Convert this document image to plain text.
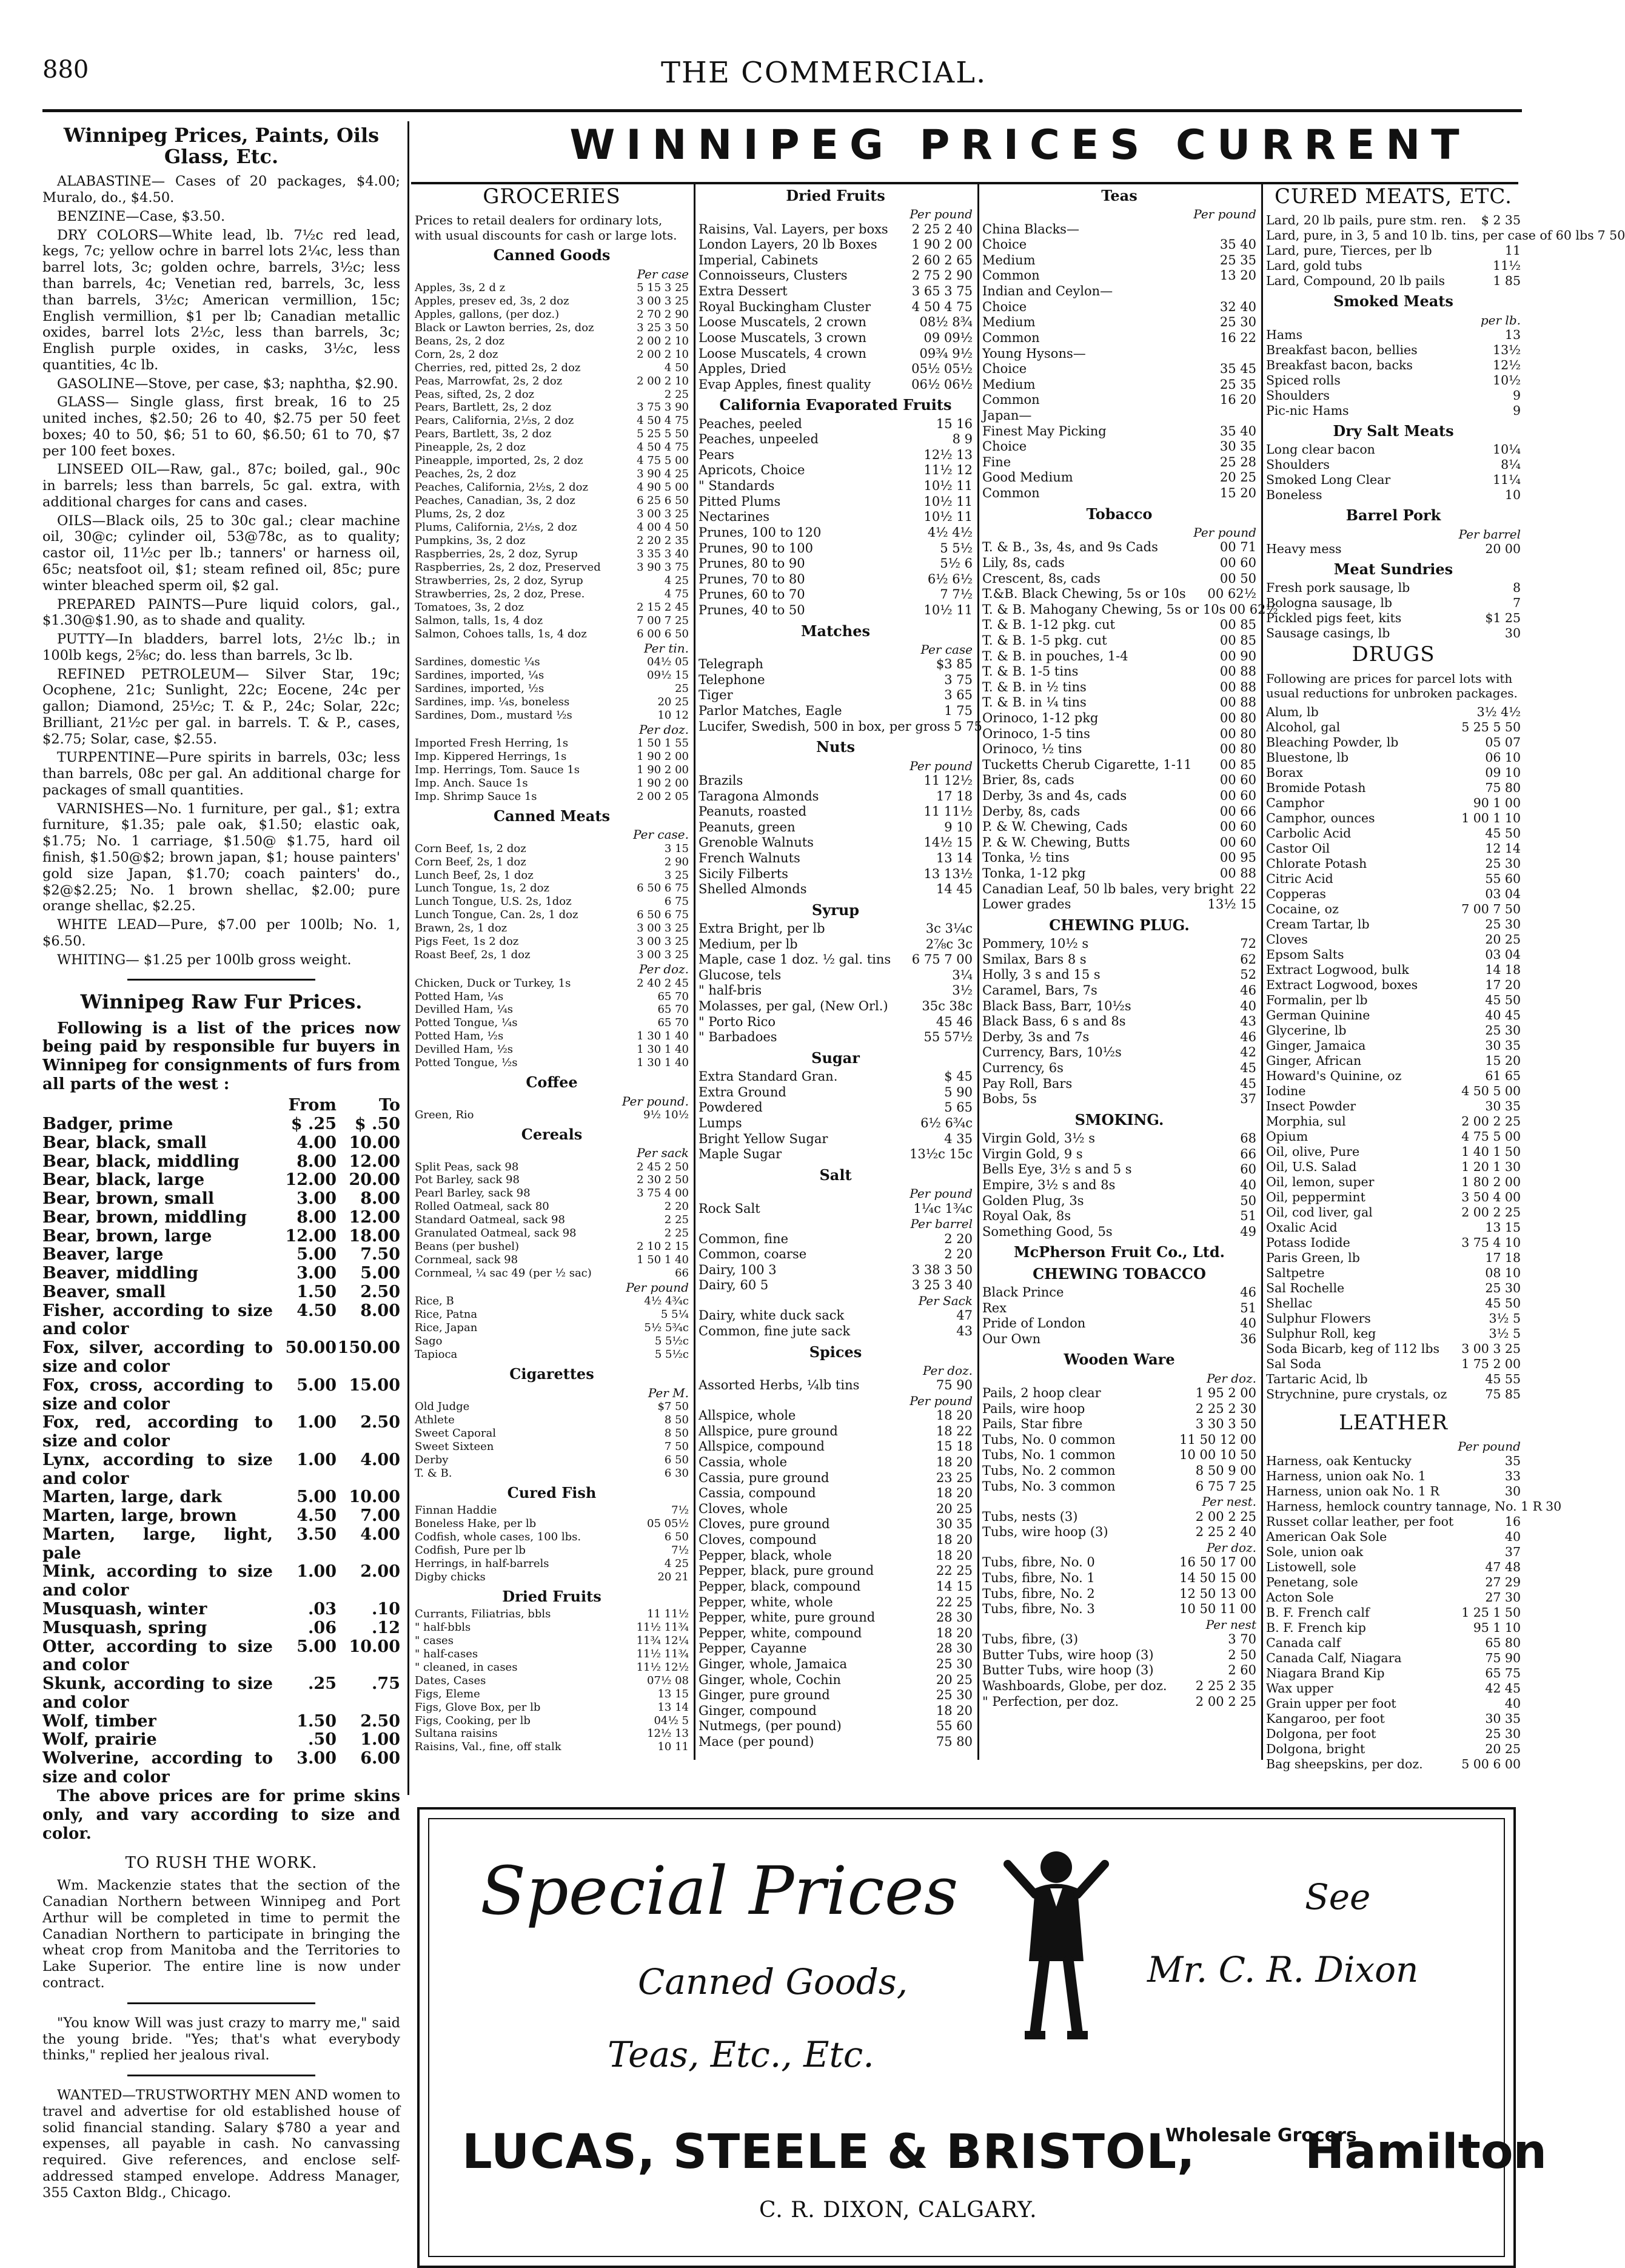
880	THE COMMERCIAL.
Winnipeg Prices, Paints, Oils Glass, Etc.

ALABASTINE— Cases of 20 packages, $4.00; Muralo, do., $4.50.

BENZINE—Case, $3.50.

DRY COLORS—White lead, lb. 7½c red lead, kegs, 7c; yellow ochre in barrel lots 2¼c, less than barrel lots, 3c; golden ochre, barrels, 3½c; less than barrels, 4c; Venetian red, barrels, 3c, less than barrels, 3½c; American vermillion, 15c; English vermillion, $1 per lb; Canadian metallic oxides, barrel lots 2½c, less than barrels, 3c; English purple oxides, in casks, 3½c, less quantities, 4c lb.

GASOLINE—Stove, per case, $3; naphtha, $2.90.

GLASS— Single glass, first break, 16 to 25 united inches, $2.50; 26 to 40, $2.75 per 50 feet boxes; 40 to 50, $6; 51 to 60, $6.50; 61 to 70, $7 per 100 feet boxes.

LINSEED OIL—Raw, gal., 87c; boiled, gal., 90c in barrels; less than barrels, 5c gal. extra, with additional charges for cans and cases.

OILS—Black oils, 25 to 30c gal.; clear machine oil, 30@c; cylinder oil, 53@78c, as to quality; castor oil, 11½c per lb.; tanners' or harness oil, 65c; neatsfoot oil, $1; steam refined oil, 85c; pure winter bleached sperm oil, $2 gal.

PREPARED PAINTS—Pure liquid colors, gal., $1.30@$1.90, as to shade and quality.

PUTTY—In bladders, barrel lots, 2½c lb.; in 100lb kegs, 2⅝c; do. less than barrels, 3c lb.

REFINED PETROLEUM— Silver Star, 19c; Ocophene, 21c; Sunlight, 22c; Eocene, 24c per gallon; Diamond, 25½c; T. & P., 24c; Solar, 22c; Brilliant, 21½c per gal. in barrels. T. & P., cases, $2.75; Solar, case, $2.55.

TURPENTINE—Pure spirits in barrels, 03c; less than barrels, 08c per gal. An additional charge for packages of small quantities.

VARNISHES—No. 1 furniture, per gal., $1; extra furniture, $1.35; pale oak, $1.50; elastic oak, $1.75; No. 1 carriage, $1.50@ $1.75, hard oil finish, $1.50@$2; brown japan, $1; house painters' gold size Japan, $1.70; coach painters' do., $2@$2.25; No. 1 brown shellac, $2.00; pure orange shellac, $2.25.

WHITE LEAD—Pure, $7.00 per 100lb; No. 1, $6.50.

WHITING— $1.25 per 100lb gross weight.

Winnipeg Raw Fur Prices.

Following is a list of the prices now being paid by responsible fur buyers in Winnipeg for consignments of furs from all parts of the west :

	From	To
Badger, prime	$ .25	$ .50
Bear, black, small	4.00	10.00
Bear, black, middling	8.00	12.00
Bear, black, large	12.00	20.00
Bear, brown, small	3.00	8.00
Bear, brown, middling	8.00	12.00
Bear, brown, large	12.00	18.00
Beaver, large	5.00	7.50
Beaver, middling	3.00	5.00
Beaver, small	1.50	2.50
Fisher, according to size and color	4.50	8.00
Fox, silver, according to size and color	50.00	150.00
Fox, cross, according to size and color	5.00	15.00
Fox, red, according to size and color	1.00	2.50
Lynx, according to size and color	1.00	4.00
Marten, large, dark	5.00	10.00
Marten, large, brown	4.50	7.00
Marten, large, light, pale	3.50	4.00
Mink, according to size and color	1.00	2.00
Musquash, winter	.03	.10
Musquash, spring	.06	.12
Otter, according to size and color	5.00	10.00
Skunk, according to size and color	.25	.75
Wolf, timber	1.50	2.50
Wolf, prairie	.50	1.00
Wolverine, according to size and color	3.00	6.00

The above prices are for prime skins only, and vary according to size and color.

TO RUSH THE WORK.

Wm. Mackenzie states that the section of the Canadian Northern between Winnipeg and Port Arthur will be completed in time to permit the Canadian Northern to participate in bringing the wheat crop from Manitoba and the Territories to Lake Superior. The entire line is now under contract.

"You know Will was just crazy to marry me," said the young bride. "Yes; that's what everybody thinks," replied her jealous rival.

WANTED—TRUSTWORTHY MEN AND women to travel and advertise for old established house of solid financial standing. Salary $780 a year and expenses, all payable in cash. No canvassing required. Give references, and enclose self-addressed stamped envelope. Address Manager, 355 Caxton Bldg., Chicago.

WINNIPEG PRICES CURRENT
GROCERIES
Prices to retail dealers for ordinary lots, with usual discounts for cash or large lots.
Canned Goods
Per case
Apples, 3s, 2 d z	5 15 3 25
Apples, presev ed, 3s, 2 doz	3 00 3 25
Apples, gallons, (per doz.)	2 70 2 90
Black or Lawton berries, 2s, doz	3 25 3 50
Beans, 2s, 2 doz	2 00 2 10
Corn, 2s, 2 doz	2 00 2 10
Cherries, red, pitted 2s, 2 doz	4 50
Peas, Marrowfat, 2s, 2 doz	2 00 2 10
Peas, sifted, 2s, 2 doz	2 25
Pears, Bartlett, 2s, 2 doz	3 75 3 90
Pears, California, 2½s, 2 doz	4 50 4 75
Pears, Bartlett, 3s, 2 doz	5 25 5 50
Pineapple, 2s, 2 doz	4 50 4 75
Pineapple, imported, 2s, 2 doz	4 75 5 00
Peaches, 2s, 2 doz	3 90 4 25
Peaches, California, 2½s, 2 doz	4 90 5 00
Peaches, Canadian, 3s, 2 doz	6 25 6 50
Plums, 2s, 2 doz	3 00 3 25
Plums, California, 2½s, 2 doz	4 00 4 50
Pumpkins, 3s, 2 doz	2 20 2 35
Raspberries, 2s, 2 doz, Syrup	3 35 3 40
Raspberries, 2s, 2 doz, Preserved	3 90 3 75
Strawberries, 2s, 2 doz, Syrup	4 25
Strawberries, 2s, 2 doz, Prese.	4 75
Tomatoes, 3s, 2 doz	2 15 2 45
Salmon, talls, 1s, 4 doz	7 00 7 25
Salmon, Cohoes talls, 1s, 4 doz	6 00 6 50
Per tin.
Sardines, domestic ¼s	04½ 05
Sardines, imported, ¼s	09½ 15
Sardines, imported, ½s	25
Sardines, imp. ¼s, boneless	20 25
Sardines, Dom., mustard ½s	10 12
Per doz.
Imported Fresh Herring, 1s	1 50 1 55
Imp. Kippered Herrings, 1s	1 90 2 00
Imp. Herrings, Tom. Sauce 1s	1 90 2 00
Imp. Anch. Sauce 1s	1 90 2 00
Imp. Shrimp Sauce 1s	2 00 2 05
Canned Meats
Per case.
Corn Beef, 1s, 2 doz	3 15
Corn Beef, 2s, 1 doz	2 90
Lunch Beef, 2s, 1 doz	3 25
Lunch Tongue, 1s, 2 doz	6 50 6 75
Lunch Tongue, U.S. 2s, 1doz	6 75
Lunch Tongue, Can. 2s, 1 doz	6 50 6 75
Brawn, 2s, 1 doz	3 00 3 25
Pigs Feet, 1s 2 doz	3 00 3 25
Roast Beef, 2s, 1 doz	3 00 3 25
Per doz.
Chicken, Duck or Turkey, 1s	2 40 2 45
Potted Ham, ¼s	65 70
Devilled Ham, ¼s	65 70
Potted Tongue, ¼s	65 70
Potted Ham, ½s	1 30 1 40
Devilled Ham, ½s	1 30 1 40
Potted Tongue, ½s	1 30 1 40
Coffee
Per pound.
Green, Rio	9½ 10½
Cereals
Per sack
Split Peas, sack 98	2 45 2 50
Pot Barley, sack 98	2 30 2 50
Pearl Barley, sack 98	3 75 4 00
Rolled Oatmeal, sack 80	2 20
Standard Oatmeal, sack 98	2 25
Granulated Oatmeal, sack 98	2 25
Beans (per bushel)	2 10 2 15
Cornmeal, sack 98	1 50 1 40
Cornmeal, ¼ sac 49 (per ½ sac)	66
Per pound
Rice, B	4½ 4¾c
Rice, Patna	5 5¼
Rice, Japan	5½ 5¾c
Sago	5 5½c
Tapioca	5 5½c
Cigarettes
Per M.
Old Judge	$7 50
Athlete	8 50
Sweet Caporal	8 50
Sweet Sixteen	7 50
Derby	6 50
T. & B.	6 30
Cured Fish
Finnan Haddie	7½
Boneless Hake, per lb	05 05½
Codfish, whole cases, 100 lbs.	6 50
Codfish, Pure per lb	7½
Herrings, in half-barrels	4 25
Digby chicks	20 21
Dried Fruits
Currants, Filiatrias, bbls	11 11½
" half-bbls	11½ 11¾
" cases	11¾ 12¼
" half-cases	11½ 11¾
" cleaned, in cases	11½ 12½
Dates, Cases	07½ 08
Figs, Eleme	13 15
Figs, Glove Box, per lb	13 14
Figs, Cooking, per lb	04½ 5
Sultana raisins	12½ 13
Raisins, Val., fine, off stalk	10 11
Dried Fruits
Per pound
Raisins, Val. Layers, per boxs 2 25 2 40
London Layers, 20 lb Boxes	1 90 2 00
Imperial, Cabinets	2 60 2 65
Connoisseurs, Clusters	2 75 2 90
Extra Dessert	3 65 3 75
Royal Buckingham Cluster	4 50 4 75
Loose Muscatels, 2 crown	08½ 8¾
Loose Muscatels, 3 crown	09 09½
Loose Muscatels, 4 crown	09¾ 9½
Apples, Dried	05½ 05½
Evap Apples, finest quality	06½ 06½
California Evaporated Fruits
Peaches, peeled	15 16
Peaches, unpeeled	8 9
Pears	12½ 13
Apricots, Choice	11½ 12
" Standards	10½ 11
Pitted Plums	10½ 11
Nectarines	10½ 11
Prunes, 100 to 120	4½ 4½
Prunes, 90 to 100	5 5½
Prunes, 80 to 90	5½ 6
Prunes, 70 to 80	6½ 6½
Prunes, 60 to 70	7 7½
Prunes, 40 to 50	10½ 11
Matches
Per case
Telegraph	$3 85
Telephone	3 75
Tiger	3 65
Parlor Matches, Eagle	1 75
Lucifer, Swedish, 500 in box, per gross 5 75
Nuts
Per pound
Brazils	11 12½
Taragona Almonds	17 18
Peanuts, roasted	11 11½
Peanuts, green	9 10
Grenoble Walnuts	14½ 15
French Walnuts	13 14
Sicily Filberts	13 13½
Shelled Almonds	14 45
Syrup
Extra Bright, per lb	3c 3¼c
Medium, per lb	2⅞c 3c
Maple, case 1 doz. ½ gal. tins 6 75 7 00
Glucose, tels	3¼
" half-bris	3½
Molasses, per gal, (New Orl.)	35c 38c
" Porto Rico	45 46
" Barbadoes	55 57½
Sugar
Extra Standard Gran.	$ 45
Extra Ground	5 90
Powdered	5 65
Lumps	6½ 6¾c
Bright Yellow Sugar	4 35
Maple Sugar	13½c 15c
Salt
Per pound
Rock Salt	1¼c 1¾c
Per barrel
Common, fine	2 20
Common, coarse	2 20
Dairy, 100 3	3 38 3 50
Dairy, 60 5	3 25 3 40
Per Sack
Dairy, white duck sack	47
Common, fine jute sack	43
Spices
Per doz.
Assorted Herbs, ¼lb tins	75 90
Per pound
Allspice, whole	18 20
Allspice, pure ground	18 22
Allspice, compound	15 18
Cassia, whole	18 20
Cassia, pure ground	23 25
Cassia, compound	18 20
Cloves, whole	20 25
Cloves, pure ground	30 35
Cloves, compound	18 20
Pepper, black, whole	18 20
Pepper, black, pure ground	22 25
Pepper, black, compound	14 15
Pepper, white, whole	22 25
Pepper, white, pure ground	28 30
Pepper, white, compound	18 20
Pepper, Cayanne	28 30
Ginger, whole, Jamaica	25 30
Ginger, whole, Cochin	20 25
Ginger, pure ground	25 30
Ginger, compound	18 20
Nutmegs, (per pound)	55 60
Mace (per pound)	75 80
Teas
Per pound
China Blacks—
Choice	35 40
Medium	25 35
Common	13 20
Indian and Ceylon—
Choice	32 40
Medium	25 30
Common	16 22
Young Hysons—
Choice	35 45
Medium	25 35
Common	16 20
Japan—
Finest May Picking	35 40
Choice	30 35
Fine	25 28
Good Medium	20 25
Common	15 20
Tobacco
Per pound
T. & B., 3s, 4s, and 9s Cads	00 71
Lily, 8s, cads	00 60
Crescent, 8s, cads	00 50
T.&B. Black Chewing, 5s or 10s 00 62½
T. & B. Mahogany Chewing, 5s or 10s 00 62½
T. & B. 1-12 pkg. cut	00 85
T. & B. 1-5 pkg. cut	00 85
T. & B. in pouches, 1-4	00 90
T. & B. 1-5 tins	00 88
T. & B. in ½ tins	00 88
T. & B. in ¼ tins	00 88
Orinoco, 1-12 pkg	00 80
Orinoco, 1-5 tins	00 80
Orinoco, ½ tins	00 80
Tucketts Cherub Cigarette, 1-11 00 85
Brier, 8s, cads	00 60
Derby, 3s and 4s, cads	00 60
Derby, 8s, cads	00 66
P. & W. Chewing, Cads	00 60
P. & W. Chewing, Butts	00 60
Tonka, ½ tins	00 95
Tonka, 1-12 pkg	00 88
Canadian Leaf, 50 lb bales, very bright 22
Lower grades	13½ 15
CHEWING PLUG.
Pommery, 10½ s	72
Smilax, Bars 8 s	62
Holly, 3 s and 15 s	52
Caramel, Bars, 7s	46
Black Bass, Barr, 10½s	40
Black Bass, 6 s and 8s	43
Derby, 3s and 7s	46
Currency, Bars, 10½s	42
Currency, 6s	45
Pay Roll, Bars	45
Bobs, 5s	37
SMOKING.
Virgin Gold, 3½ s	68
Virgin Gold, 9 s	66
Bells Eye, 3½ s and 5 s	60
Empire, 3½ s and 8s	40
Golden Plug, 3s	50
Royal Oak, 8s	51
Something Good, 5s	49
McPherson Fruit Co., Ltd.
CHEWING TOBACCO
Black Prince	46
Rex	51
Pride of London	40
Our Own	36
Wooden Ware
Per doz.
Pails, 2 hoop clear	1 95 2 00
Pails, wire hoop	2 25 2 30
Pails, Star fibre	3 30 3 50
Tubs, No. 0 common	11 50 12 00
Tubs, No. 1 common	10 00 10 50
Tubs, No. 2 common	8 50 9 00
Tubs, No. 3 common	6 75 7 25
Per nest.
Tubs, nests (3)	2 00 2 25
Tubs, wire hoop (3)	2 25 2 40
Per doz.
Tubs, fibre, No. 0	16 50 17 00
Tubs, fibre, No. 1	14 50 15 00
Tubs, fibre, No. 2	12 50 13 00
Tubs, fibre, No. 3	10 50 11 00
Per nest
Tubs, fibre, (3)	3 70
Butter Tubs, wire hoop (3)	2 50
Butter Tubs, wire hoop (3)	2 60
Washboards, Globe, per doz. 2 25 2 35
" Perfection, per doz.	2 00 2 25
CURED MEATS, ETC.
Lard, 20 lb pails, pure stm. ren. $ 2 35
Lard, pure, in 3, 5 and 10 lb. tins, per case of 60 lbs 7 50
Lard, pure, Tierces, per lb	11
Lard, gold tubs	11½
Lard, Compound, 20 lb pails	1 85
Smoked Meats
per lb.
Hams	13
Breakfast bacon, bellies	13½
Breakfast bacon, backs	12½
Spiced rolls	10½
Shoulders	9
Pic-nic Hams	9
Dry Salt Meats
Long clear bacon	10¼
Shoulders	8¼
Smoked Long Clear	11¼
Boneless	10
Barrel Pork
Per barrel
Heavy mess	20 00
Meat Sundries
Fresh pork sausage, lb	8
Bologna sausage, lb	7
Pickled pigs feet, kits	$1 25
Sausage casings, lb	30
DRUGS
Following are prices for parcel lots with usual reductions for unbroken packages.
Alum, lb	3½ 4½
Alcohol, gal	5 25 5 50
Bleaching Powder, lb	05 07
Bluestone, lb	06 10
Borax	09 10
Bromide Potash	75 80
Camphor	90 1 00
Camphor, ounces	1 00 1 10
Carbolic Acid	45 50
Castor Oil	12 14
Chlorate Potash	25 30
Citric Acid	55 60
Copperas	03 04
Cocaine, oz	7 00 7 50
Cream Tartar, lb	25 30
Cloves	20 25
Epsom Salts	03 04
Extract Logwood, bulk	14 18
Extract Logwood, boxes	17 20
Formalin, per lb	45 50
German Quinine	40 45
Glycerine, lb	25 30
Ginger, Jamaica	30 35
Ginger, African	15 20
Howard's Quinine, oz	61 65
Iodine	4 50 5 00
Insect Powder	30 35
Morphia, sul	2 00 2 25
Opium	4 75 5 00
Oil, olive, Pure	1 40 1 50
Oil, U.S. Salad	1 20 1 30
Oil, lemon, super	1 80 2 00
Oil, peppermint	3 50 4 00
Oil, cod liver, gal	2 00 2 25
Oxalic Acid	13 15
Potass Iodide	3 75 4 10
Paris Green, lb	17 18
Saltpetre	08 10
Sal Rochelle	25 30
Shellac	45 50
Sulphur Flowers	3½ 5
Sulphur Roll, keg	3½ 5
Soda Bicarb, keg of 112 lbs 3 00 3 25
Sal Soda	1 75 2 00
Tartaric Acid, lb	45 55
Strychnine, pure crystals, oz	75 85
LEATHER
Per pound
Harness, oak Kentucky	35
Harness, union oak No. 1	33
Harness, union oak No. 1 R	30
Harness, hemlock country tannage, No. 1 R 30
Russet collar leather, per foot	16
American Oak Sole	40
Sole, union oak	37
Listowell, sole	47 48
Penetang, sole	27 29
Acton Sole	27 30
B. F. French calf	1 25 1 50
B. F. French kip	95 1 10
Canada calf	65 80
Canada Calf, Niagara	75 90
Niagara Brand Kip	65 75
Wax upper	42 45
Grain upper per foot	40
Kangaroo, per foot	30 35
Dolgona, per foot	25 30
Dolgona, bright	20 25
Bag sheepskins, per doz.	5 00 6 00
Special Prices
Canned Goods,
Teas, Etc., Etc.
See
Mr. C. R. Dixon
LUCAS, STEELE & BRISTOL,
Wholesale Grocers
Hamilton
C. R. DIXON, CALGARY.
